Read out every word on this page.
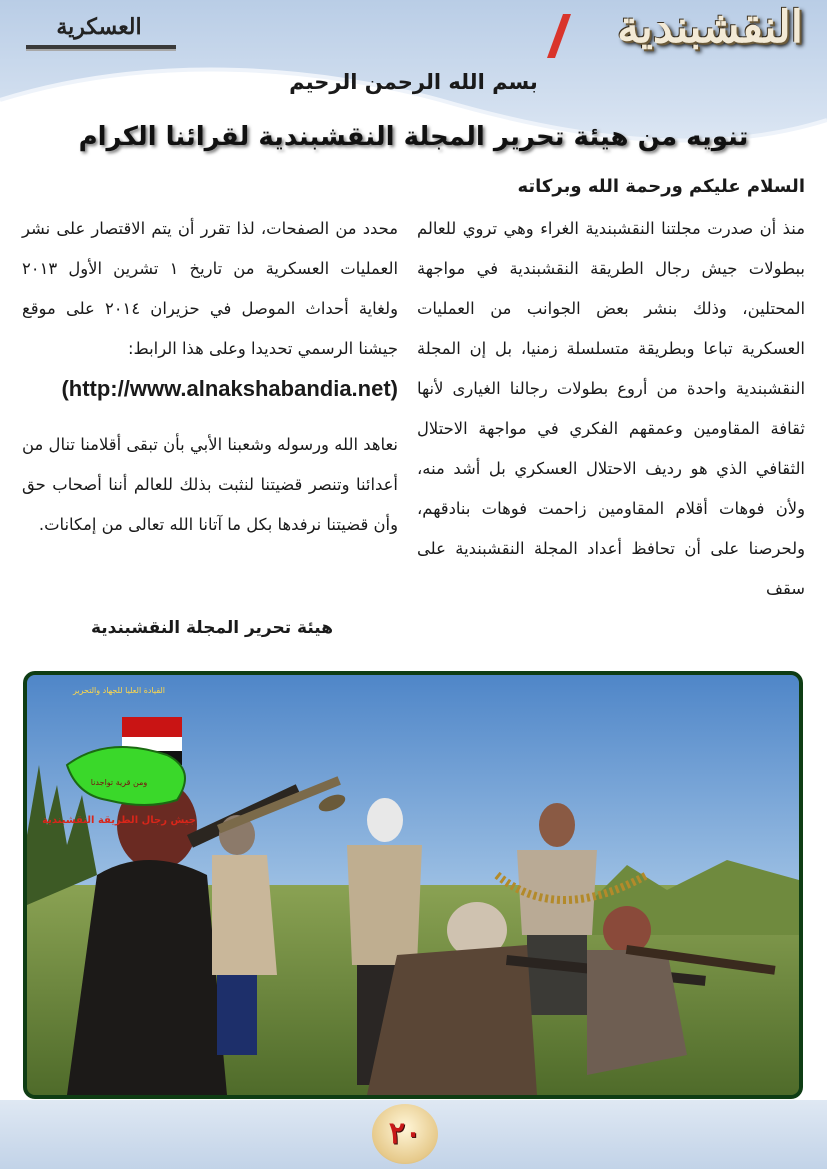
النقشبندية
العسكرية
بسم الله الرحمن الرحيم
تنويه من هيئة تحرير المجلة النقشبندية لقرائنا الكرام
السلام عليكم ورحمة الله وبركاته

منذ أن صدرت مجلتنا النقشبندية الغراء وهي تروي للعالم ببطولات جيش رجال الطريقة النقشبندية في مواجهة المحتلين، وذلك بنشر بعض الجوانب من العمليات العسكرية تباعا وبطريقة متسلسلة زمنيا، بل إن المجلة النقشبندية واحدة من أروع بطولات رجالنا الغيارى لأنها ثقافة المقاومين وعمقهم الفكري في مواجهة الاحتلال الثقافي الذي هو رديف الاحتلال العسكري بل أشد منه، ولأن فوهات أقلام المقاومين زاحمت فوهات بنادقهم، ولحرصنا على أن تحافظ أعداد المجلة النقشبندية على سقف

محدد من الصفحات، لذا تقرر أن يتم الاقتصار على نشر العمليات العسكرية من تاريخ ١ تشرين الأول ٢٠١٣ ولغاية أحداث الموصل في حزيران ٢٠١٤ على موقع جيشنا الرسمي تحديدا وعلى هذا الرابط:

(http://www.alnakshabandia.net)

نعاهد الله ورسوله وشعبنا الأبي بأن تبقى أقلامنا تنال من أعدائنا وتنصر قضيتنا لنثبت بذلك للعالم أننا أصحاب حق وأن قضيتنا نرفدها بكل ما آتانا الله تعالى من إمكانات.

هيئة تحرير المجلة النقشبندية
القيادة العليا للجهاد والتحرير
ومن قرية تواجدنا
جيش رجال الطريقة النقشبندية
٢٠
